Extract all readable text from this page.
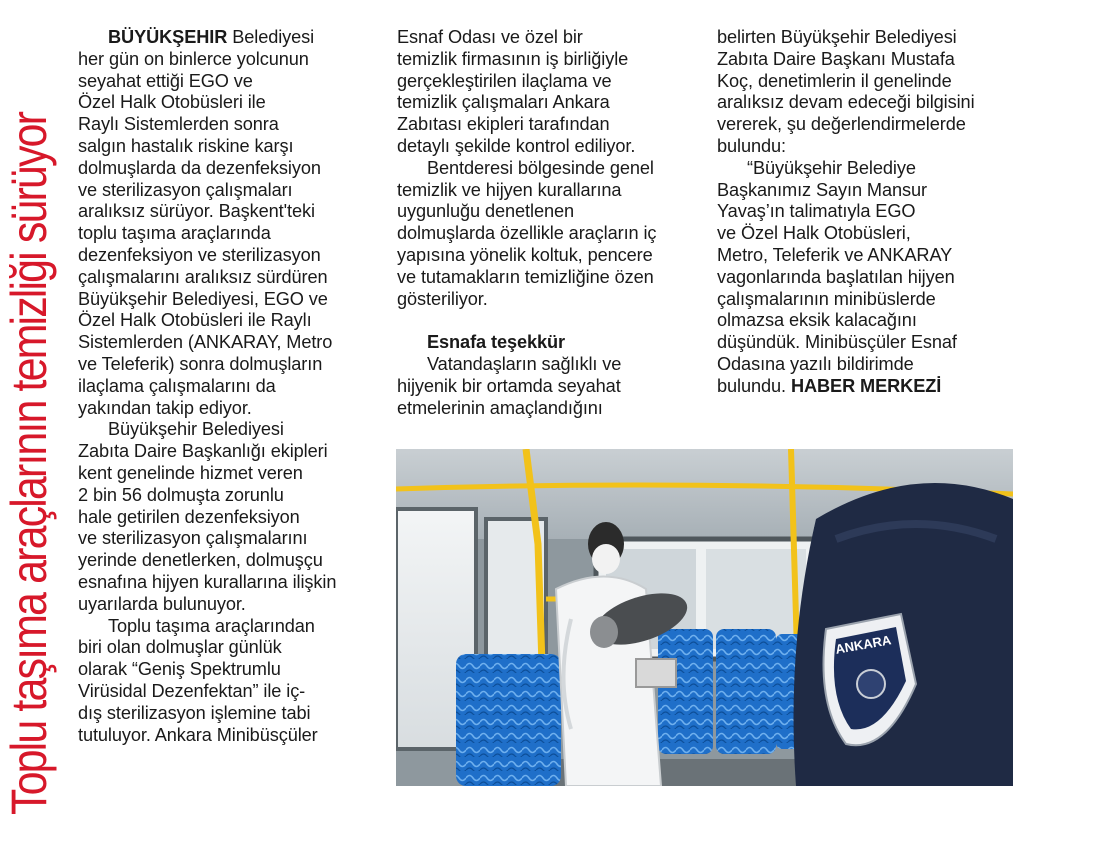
Toplu taşıma araçlarının temizliği sürüyor

BÜYÜKŞEHIR Belediyesi
her gün on binlerce yolcunun
seyahat ettiği EGO ve
Özel Halk Otobüsleri ile
Raylı Sistemlerden sonra
salgın hastalık riskine karşı
dolmuşlarda da dezenfeksiyon
ve sterilizasyon çalışmaları
aralıksız sürüyor. Başkent'teki
toplu taşıma araçlarında
dezenfeksiyon ve sterilizasyon
çalışmalarını aralıksız sürdüren
Büyükşehir Belediyesi, EGO ve
Özel Halk Otobüsleri ile Raylı
Sistemlerden (ANKARAY, Metro
ve Teleferik) sonra dolmuşların
ilaçlama çalışmalarını da
yakından takip ediyor.

Büyükşehir Belediyesi
Zabıta Daire Başkanlığı ekipleri
kent genelinde hizmet veren
2 bin 56 dolmuşta zorunlu
hale getirilen dezenfeksiyon
ve sterilizasyon çalışmalarını
yerinde denetlerken, dolmuşçu
esnafına hijyen kurallarına ilişkin
uyarılarda bulunuyor.

Toplu taşıma araçlarından
biri olan dolmuşlar günlük
olarak “Geniş Spektrumlu
Virüsidal Dezenfektan” ile iç-
dış sterilizasyon işlemine tabi
tutuluyor. Ankara Minibüsçüler

Esnaf Odası ve özel bir
temizlik firmasının iş birliğiyle
gerçekleştirilen ilaçlama ve
temizlik çalışmaları Ankara
Zabıtası ekipleri tarafından
detaylı şekilde kontrol ediliyor.

Bentderesi bölgesinde genel
temizlik ve hijyen kurallarına
uygunluğu denetlenen
dolmuşlarda özellikle araçların iç
yapısına yönelik koltuk, pencere
ve tutamakların temizliğine özen
gösteriliyor.

Esnafa teşekkür

Vatandaşların sağlıklı ve
hijyenik bir ortamda seyahat
etmelerinin amaçlandığını

belirten Büyükşehir Belediyesi
Zabıta Daire Başkanı Mustafa
Koç, denetimlerin il genelinde
aralıksız devam edeceği bilgisini
vererek, şu değerlendirmelerde
bulundu:

“Büyükşehir Belediye
Başkanımız Sayın Mansur
Yavaş’ın talimatıyla EGO
ve Özel Halk Otobüsleri,
Metro, Teleferik ve ANKARAY
vagonlarında başlatılan hijyen
çalışmalarının minibüslerde
olmazsa eksik kalacağını
düşündük. Minibüsçüler Esnaf
Odasına yazılı bildirimde
bulundu. HABER MERKEZİ

ANKARA
